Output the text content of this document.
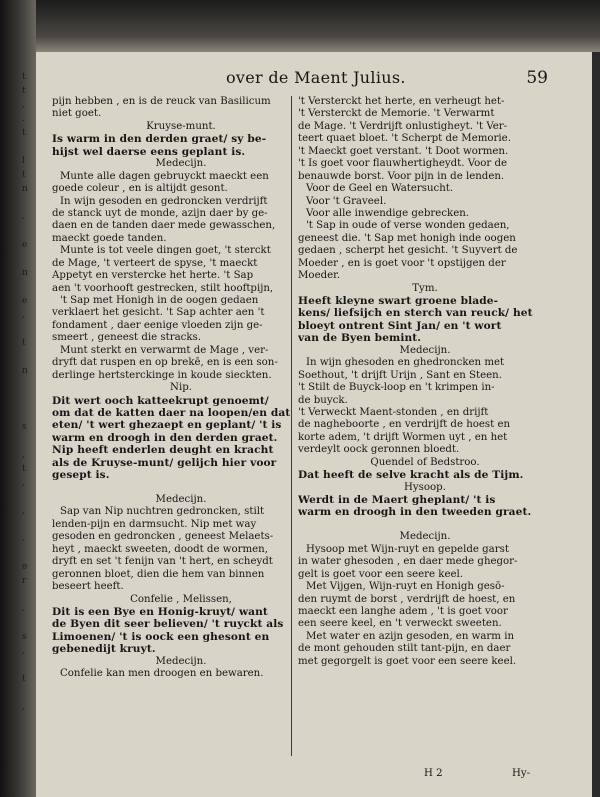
t
t
,
.
t

l
t
n

.

e

n

e
,

t

n

s

,
t
,

,

.

e
r

.

s
,

t

,
over de Maent Julius.	59
pijn hebben , en is de reuck van Basilicum
niet goet.
Kruyse-munt.
Is warm in den derden graet/ sy be-
hijst wel daerse eens geplant is.
Medecijn.
Munte alle dagen gebruyckt maeckt een
goede coleur , en is altijdt gesont.
In wijn gesoden en gedroncken verdrijft
de stanck uyt de monde, azijn daer by ge-
daen en de tanden daer mede gewasschen,
maeckt goede tanden.
Munte is tot veele dingen goet, 't sterckt
de Mage, 't verteert de spyse, 't maeckt
Appetyt en verstercke het herte. 't Sap
aen 't voorhooft gestrecken, stilt hooftpijn,
't Sap met Honigh in de oogen gedaen
verklaert het gesicht. 't Sap achter aen 't
fondament , daer eenige vloeden zijn ge-
smeert , geneest die stracks.
Munt sterkt en verwarmt de Mage , ver-
dryft dat ruspen en op brekē, en is een son-
derlinge hertsterckinge in koude sieckten.
Nip.
Dit wert ooch katteekrupt genoemt/
om dat de katten daer na loopen/en dat
eten/ 't wert ghezaept en geplant/ 't is
warm en droogh in den derden graet.
Nip heeft enderlen deught en kracht
als de Kruyse-munt/ gelijch hier voor
gesept is.
Medecijn.
Sap van Nip nuchtren gedroncken, stilt
lenden-pijn en darmsucht. Nip met way
gesoden en gedroncken , geneest Melaets-
heyt , maeckt sweeten, doodt de wormen,
dryft en set 't fenijn van 't hert, en scheydt
geronnen bloet, dien die hem van binnen
beseert heeft.
Confelie , Melissen,
Dit is een Bye en Honig-kruyt/ want
de Byen dit seer believen/ 't ruyckt als
Limoenen/ 't is oock een ghesont en
gebenedijt kruyt.
Medecijn.
Confelie kan men droogen en bewaren.
't Versterckt het herte, en verheugt het-
't Versterckt de Memorie. 't Verwarmt
de Mage. 't Verdrijft onlustigheyt. 't Ver-
teert quaet bloet. 't Scherpt de Memorie.
't Maeckt goet verstant. 't Doot wormen.
't Is goet voor flauwhertigheydt. Voor de
benauwde borst. Voor pijn in de lenden.
Voor de Geel en Watersucht.
Voor 't Graveel.
Voor alle inwendige gebrecken.
't Sap in oude of verse wonden gedaen,
geneest die. 't Sap met honigh inde oogen
gedaen , scherpt het gesicht. 't Suyvert de
Moeder , en is goet voor 't opstijgen der
Moeder.
Tym.
Heeft kleyne swart groene blade-
kens/ liefsijch en sterch van reuck/ het
bloeyt ontrent Sint Jan/ en 't wort
van de Byen bemint.
Medecijn.
In wijn ghesoden en ghedroncken met
Soethout, 't drijft Urijn , Sant en Steen.
't Stilt de Buyck-loop en 't krimpen in-
de buyck.
't Verweckt Maent-stonden , en drijft
de nagheboorte , en verdrijft de hoest en
korte adem, 't drijft Wormen uyt , en het
verdeylt oock geronnen bloedt.
Quendel of Bedstroo.
Dat heeft de selve kracht als de Tijm.
Hysoop.
Werdt in de Maert gheplant/ 't is
warm en droogh in den tweeden graet.
Medecijn.
Hysoop met Wijn-ruyt en gepelde garst
in water ghesoden , en daer mede ghegor-
gelt is goet voor een seere keel.
Met Vijgen, Wijn-ruyt en Honigh gesō-
den ruymt de borst , verdrijft de hoest, en
maeckt een langhe adem , 't is goet voor
een seere keel, en 't verweckt sweeten.
Met water en azijn gesoden, en warm in
de mont gehouden stilt tant-pijn, en daer
met gegorgelt is goet voor een seere keel.
H 2	Hy-
